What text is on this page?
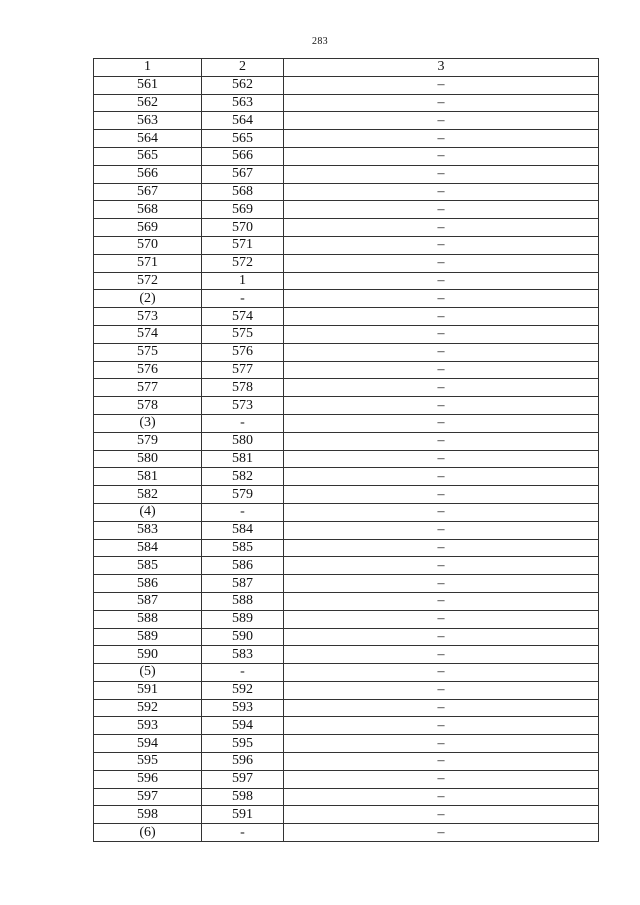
283
1	2	3
561	562	–
562	563	–
563	564	–
564	565	–
565	566	–
566	567	–
567	568	–
568	569	–
569	570	–
570	571	–
571	572	–
572	1	–
(2)	-	–
573	574	–
574	575	–
575	576	–
576	577	–
577	578	–
578	573	–
(3)	-	–
579	580	–
580	581	–
581	582	–
582	579	–
(4)	-	–
583	584	–
584	585	–
585	586	–
586	587	–
587	588	–
588	589	–
589	590	–
590	583	–
(5)	-	–
591	592	–
592	593	–
593	594	–
594	595	–
595	596	–
596	597	–
597	598	–
598	591	–
(6)	-	–
